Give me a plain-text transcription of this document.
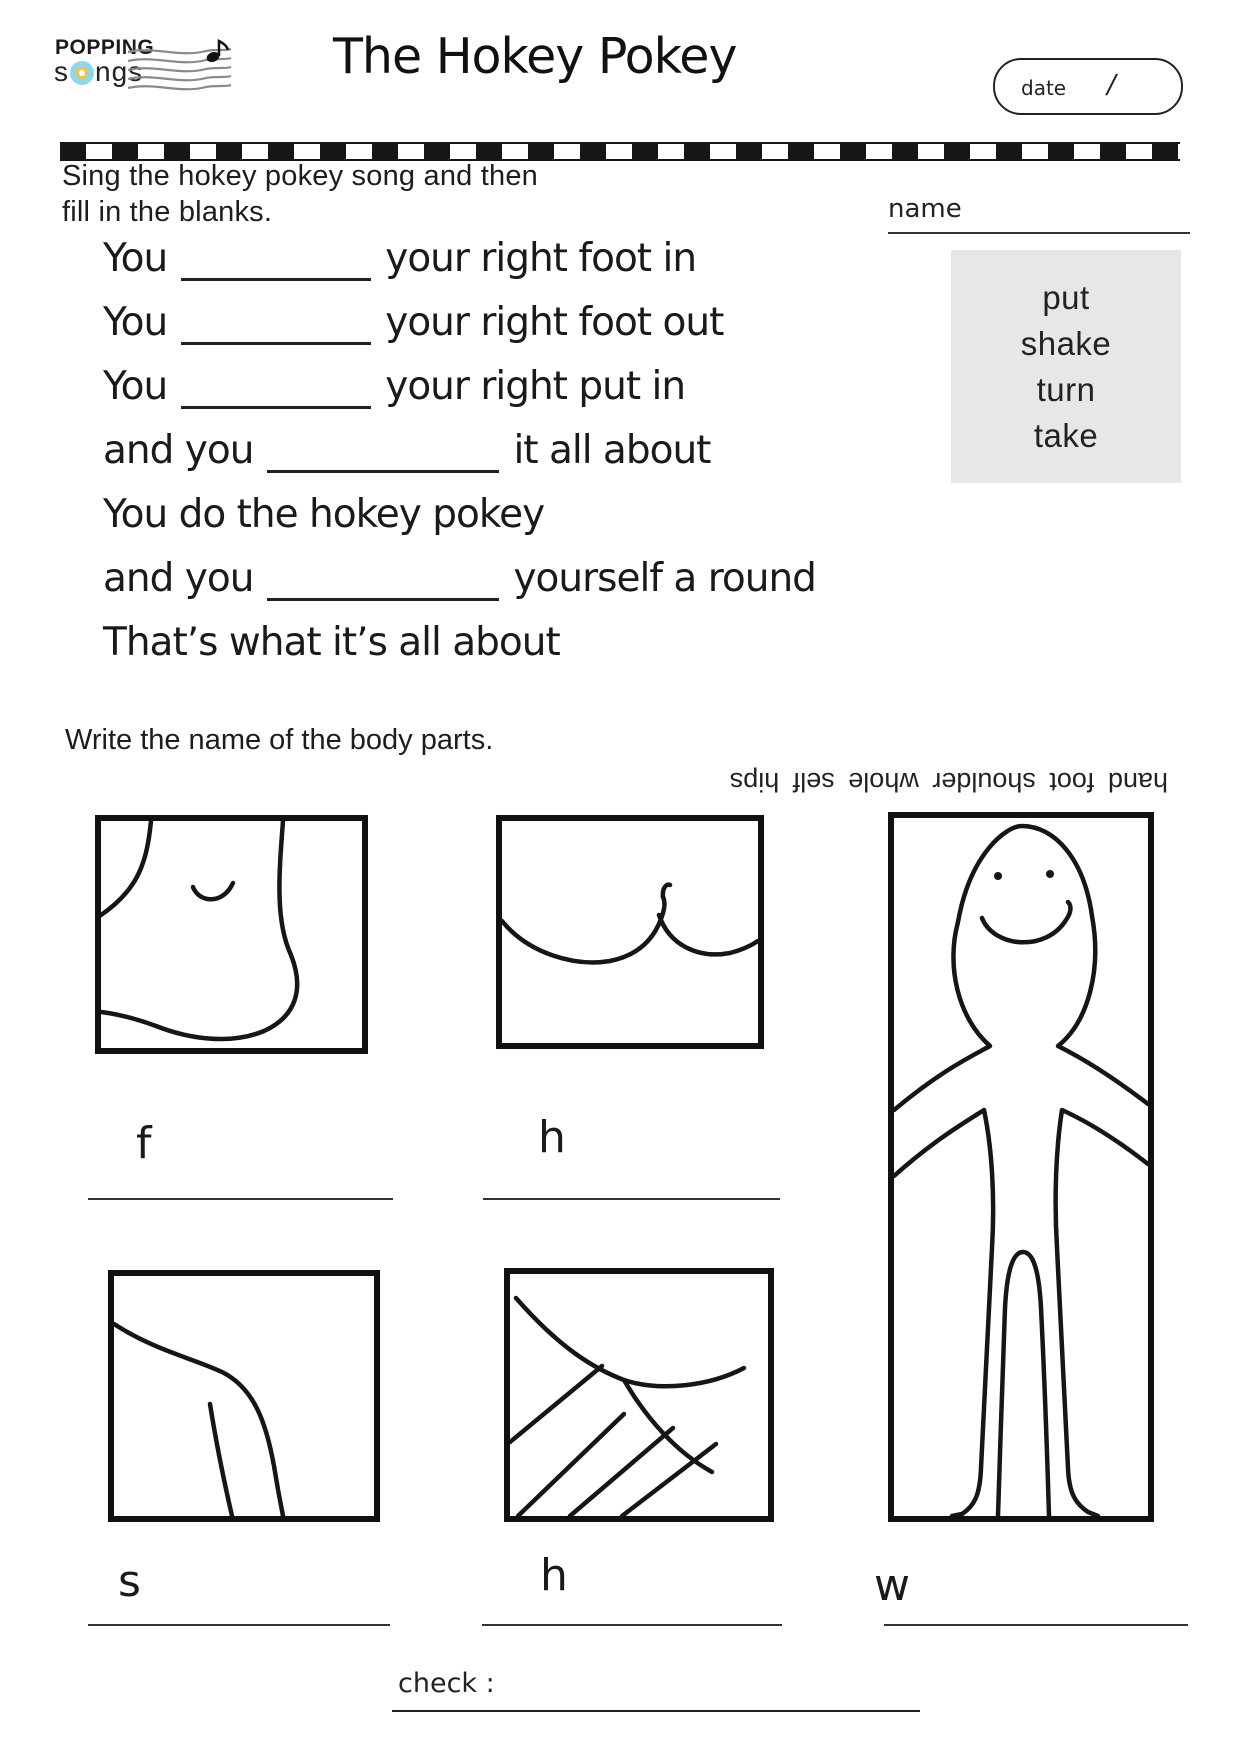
POPPING
s ngs	The Hokey Pokey
date /
Sing the hokey pokey song and then
fill in the blanks.	name
You	your right foot in
You	your right foot out
You	your right put in
and you	it all about
You do the hokey pokey
and you	yourself a round
That’s what it’s all about
put
shake
turn
take
Write the name of the body parts.
hand foot shoulder whole self hips
f	h
w
s	h
check :
